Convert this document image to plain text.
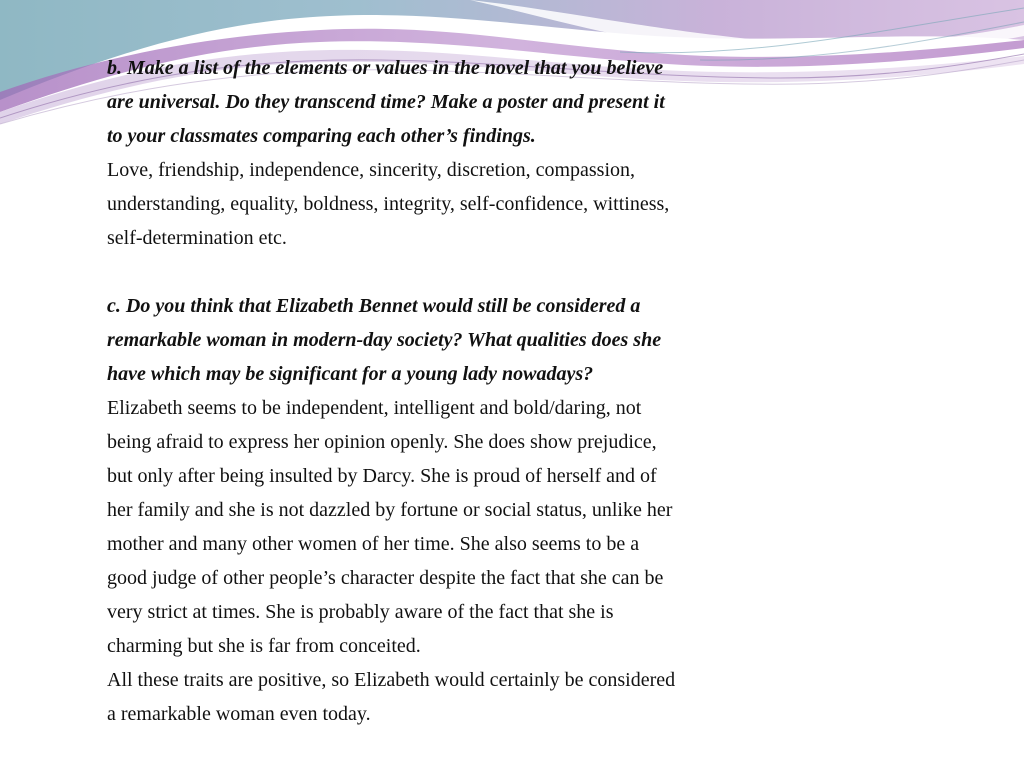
b. Make a list of the elements or values in the novel that you believe

are universal. Do they transcend time? Make a poster and present it

to your classmates comparing each other’s findings.

Love, friendship, independence, sincerity, discretion, compassion,

understanding, equality, boldness, integrity, self-confidence, wittiness,

self-determination etc.

c. Do you think that Elizabeth Bennet would still be considered a

remarkable woman in modern-day society? What qualities does she

have which may be significant for a young lady nowadays?

Elizabeth seems to be independent, intelligent and bold/daring, not

being afraid to express her opinion openly. She does show prejudice,

but only after being insulted by Darcy. She is proud of herself and of

her family and she is not dazzled by fortune or social status, unlike her

mother and many other women of her time. She also seems to be a

good judge of other people’s character despite the fact that she can be

very strict at times. She is probably aware of the fact that she is

charming but she is far from conceited.

All these traits are positive, so Elizabeth would certainly be considered

a remarkable woman even today.
